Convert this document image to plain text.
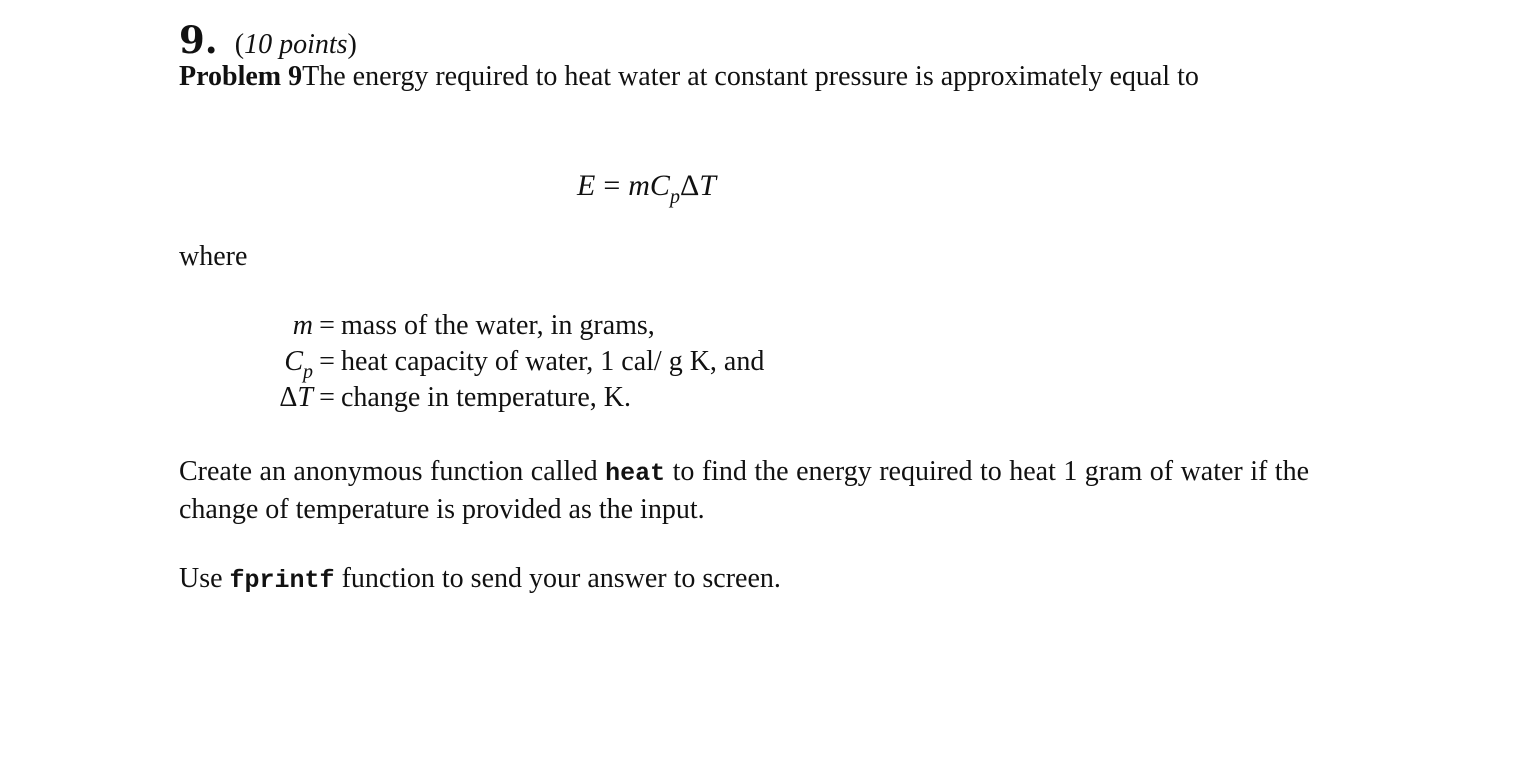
9. (10 points)
Problem 9The energy required to heat water at constant pressure is approximately equal to
$E = mC_p\Delta T$
where
m = mass of the water, in grams,
$C_p$ = heat capacity of water, 1 cal/ g K, and
ΔT = change in temperature, K.
Create an anonymous function called heat to find the energy required to heat 1 gram of water if the change of temperature is provided as the input.
Use fprintf function to send your answer to screen.
